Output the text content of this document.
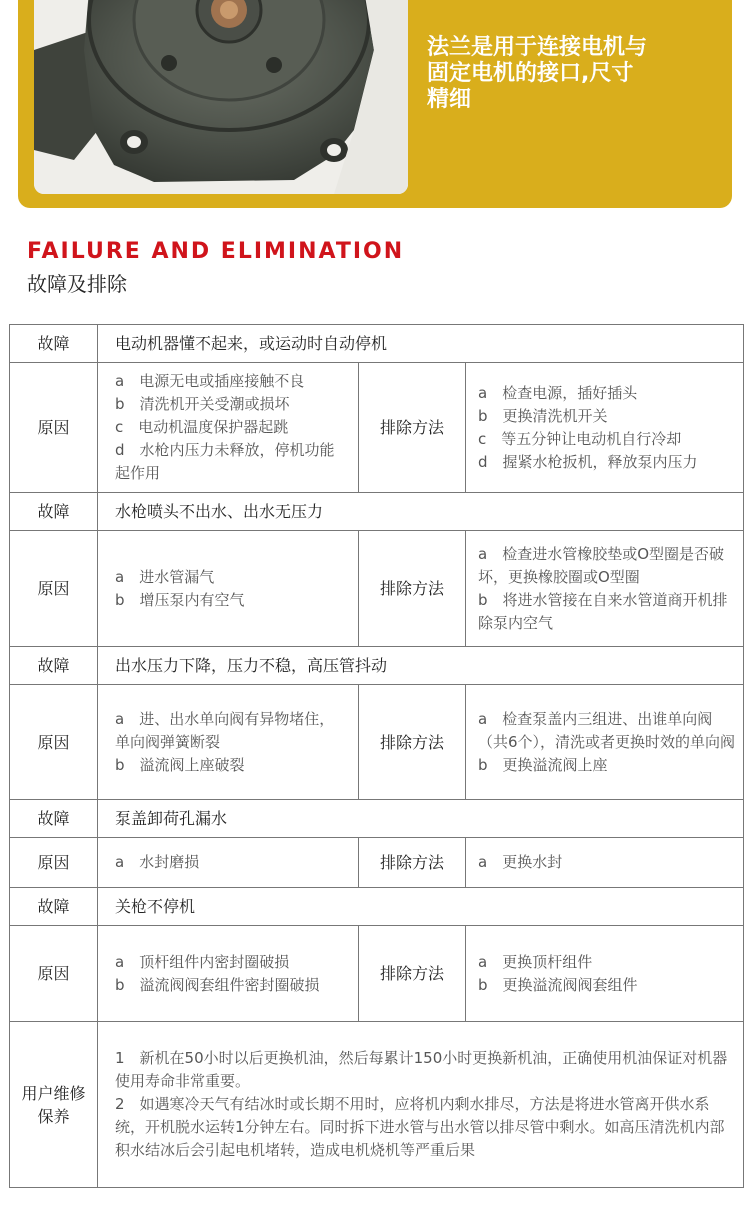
法兰是用于连接电机与
固定电机的接口,尺寸
精细
FAILURE AND ELIMINATION
故障及排除
故障	电动机器懂不起来，或运动时自动停机		
原因	a　电源无电或插座接触不良
b　清洗机开关受潮或损坏
c　电动机温度保护器起跳
d　水枪内压力未释放，停机功能起作用	排除方法	a　检查电源，插好插头
b　更换清洗机开关
c　等五分钟让电动机自行冷却
d　握紧水枪扳机，释放泵内压力

故障	水枪喷头不出水、出水无压力		
原因	a　进水管漏气
b　增压泵内有空气	排除方法	a　检查进水管橡胶垫或O型圈是否破坏，更换橡胶圈或O型圈
b　将进水管接在自来水管道商开机排除泵内空气

故障	出水压力下降，压力不稳，高压管抖动		
原因	a　进、出水单向阀有异物堵住，单向阀弹簧断裂
b　溢流阀上座破裂	排除方法	a　检查泵盖内三组进、出谁单向阀（共6个），清洗或者更换时效的单向阀
b　更换溢流阀上座

故障	泵盖卸荷孔漏水		
原因	a　水封磨损	排除方法	a　更换水封

故障	关枪不停机		
原因	a　顶杆组件内密封圈破损
b　溢流阀阀套组件密封圈破损	排除方法	a　更换顶杆组件
b　更换溢流阀阀套组件

用户维修保养	1　新机在50小时以后更换机油，然后每累计150小时更换新机油，正确使用机油保证对机器使用寿命非常重要。
2　如遇寒冷天气有结冰时或长期不用时，应将机内剩水排尽，方法是将进水管离开供水系统，开机脱水运转1分钟左右。同时拆下进水管与出水管以排尽管中剩水。如高压清洗机内部积水结冰后会引起电机堵转，造成电机烧机等严重后果		
